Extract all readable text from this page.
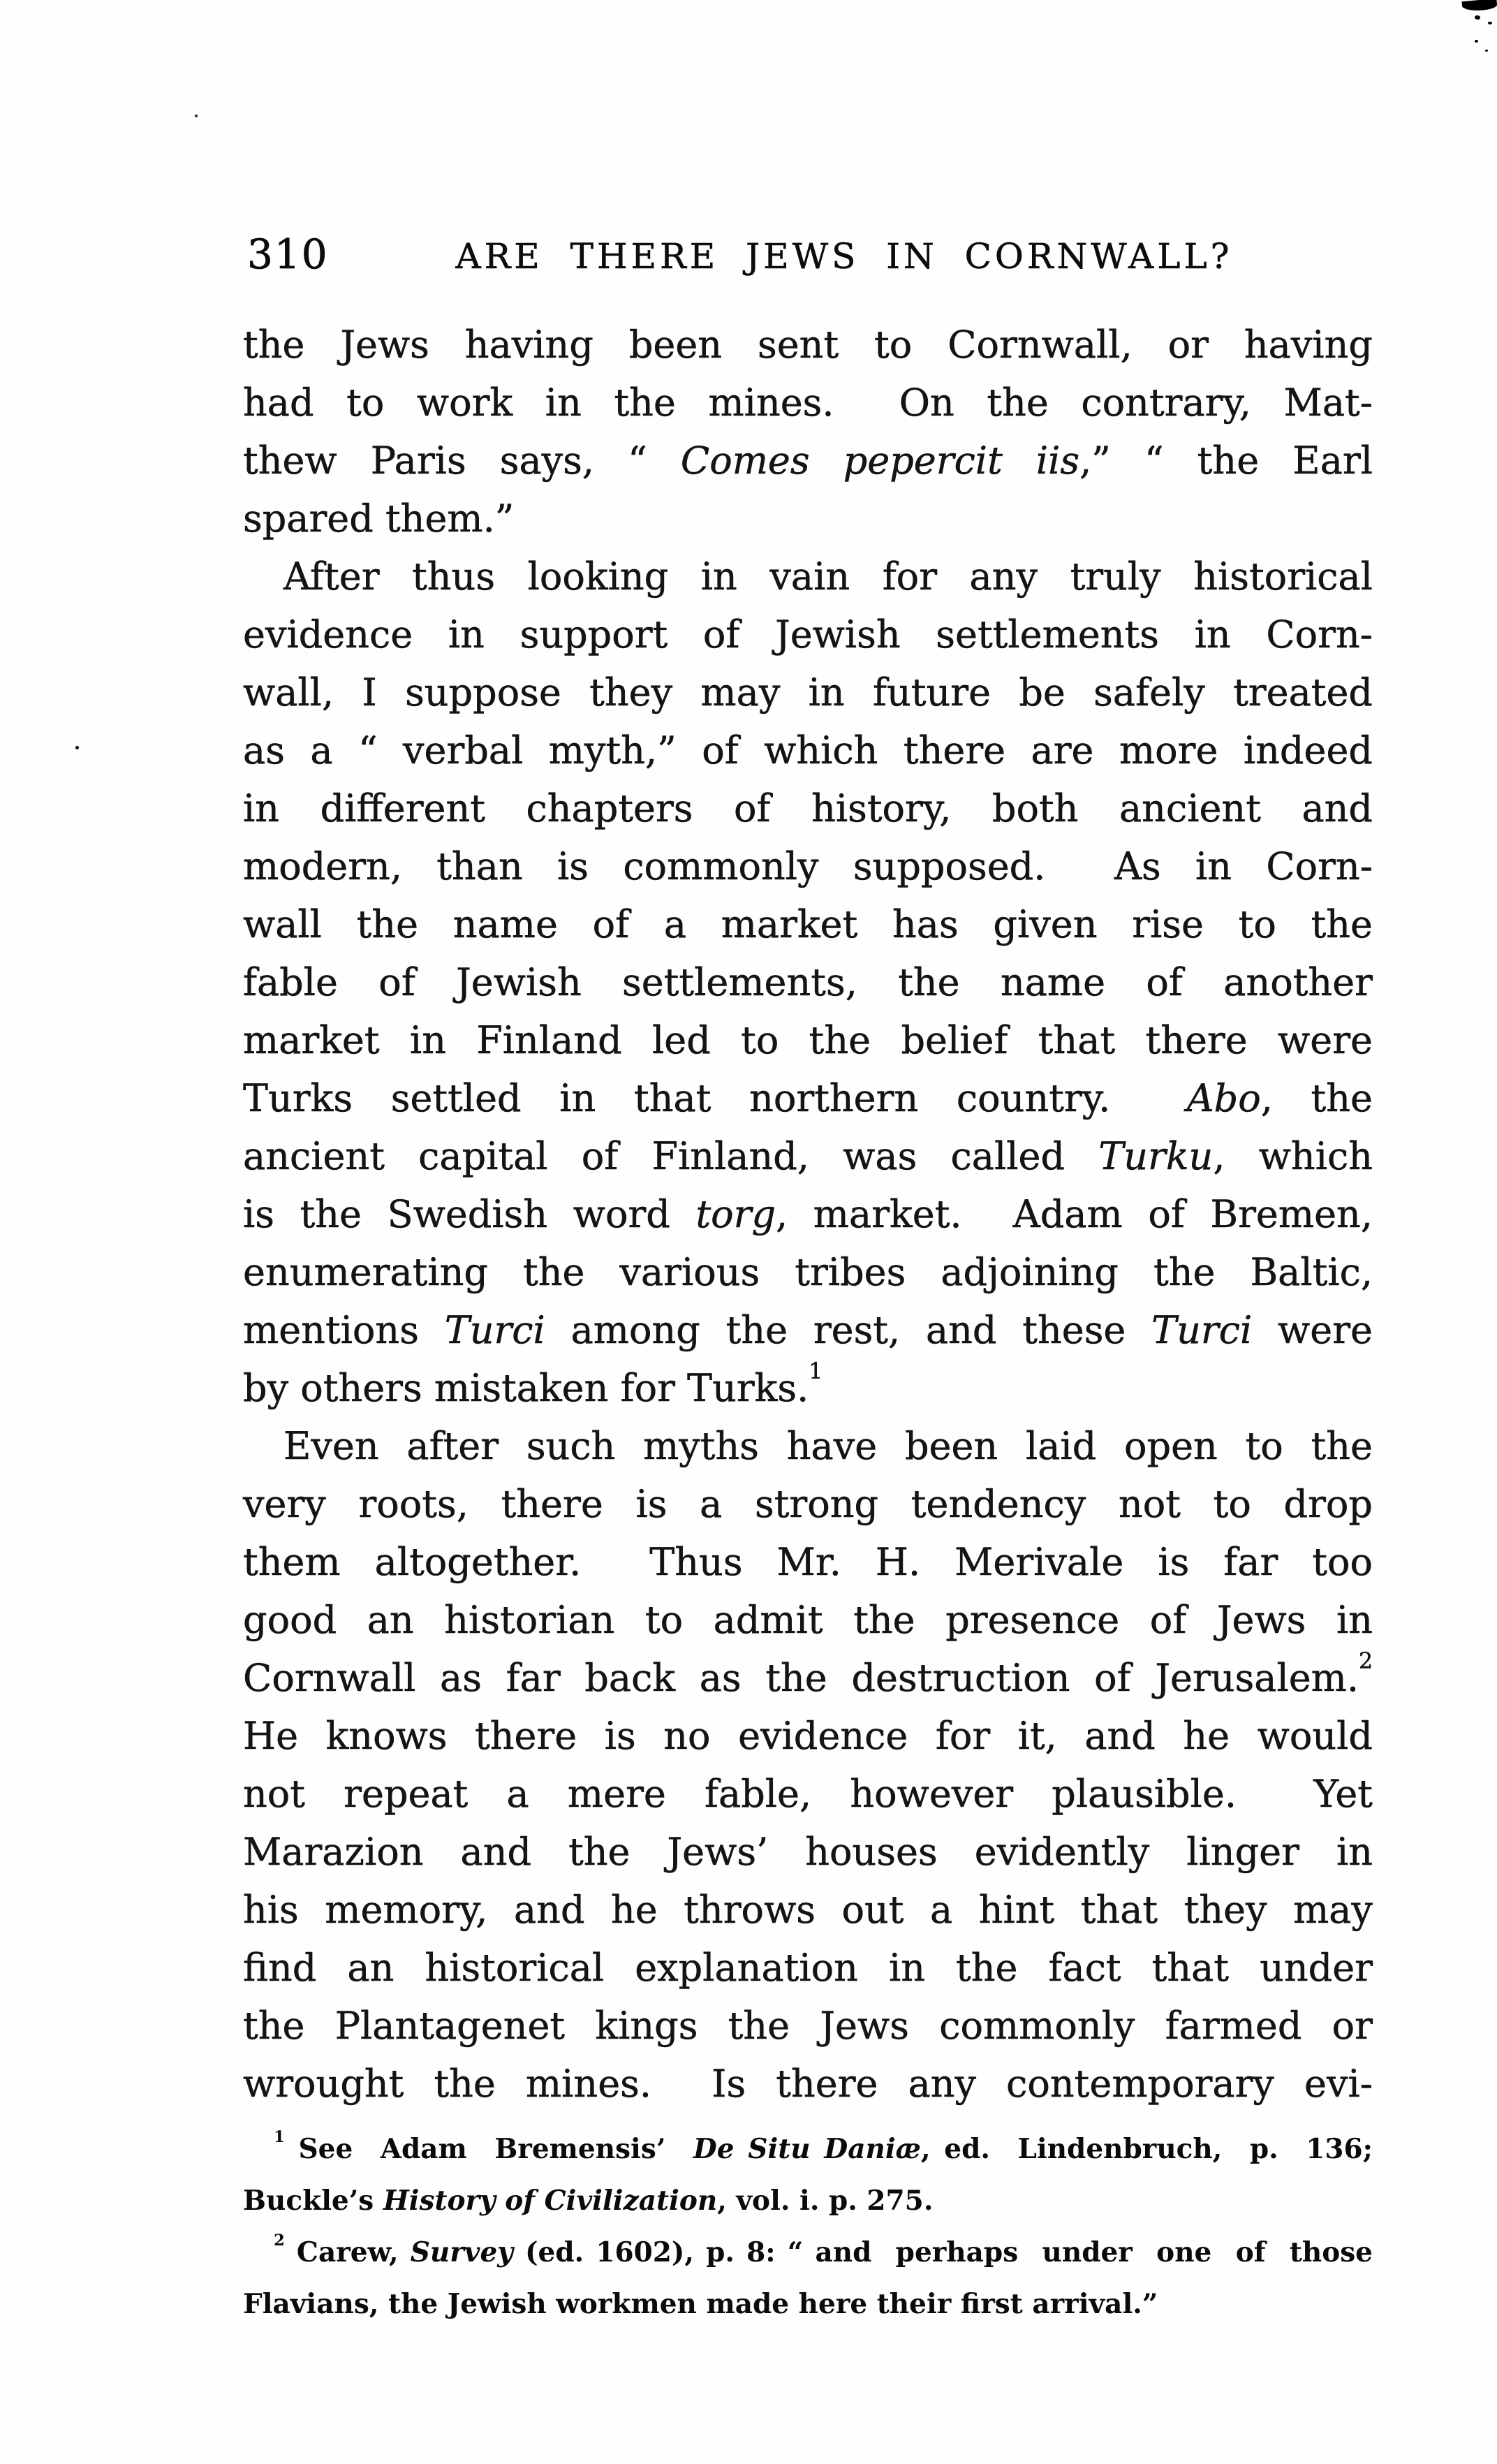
310	ARE THERE JEWS IN CORNWALL?
the Jews having been sent to Cornwall, or having
had to work in the mines.  On the contrary, Mat-
thew Paris says, “ Comes pepercit iis,” “ the Earl
spared them.”
After thus looking in vain for any truly historical
evidence in support of Jewish settlements in Corn-
wall, I suppose they may in future be safely treated
as a “ verbal myth,” of which there are more indeed
in different chapters of history, both ancient and
modern, than is commonly supposed.  As in Corn-
wall the name of a market has given rise to the
fable of Jewish settlements, the name of another
market in Finland led to the belief that there were
Turks settled in that northern country.  Abo, the
ancient capital of Finland, was called Turku, which
is the Swedish word torg, market.  Adam of Bremen,
enumerating the various tribes adjoining the Baltic,
mentions Turci among the rest, and these Turci were
by others mistaken for Turks.$^1$
Even after such myths have been laid open to the
very roots, there is a strong tendency not to drop
them altogether.  Thus Mr. H. Merivale is far too
good an historian to admit the presence of Jews in
Cornwall as far back as the destruction of Jerusalem.$^2$
He knows there is no evidence for it, and he would
not repeat a mere fable, however plausible.  Yet
Marazion and the Jews’ houses evidently linger in
his memory, and he throws out a hint that they may
find an historical explanation in the fact that under
the Plantagenet kings the Jews commonly farmed or
wrought the mines.  Is there any contemporary evi-
$^1$ See  Adam  Bremensis’  De Situ Daniæ, ed.  Lindenbruch,  p.  136;
Buckle’s History of Civilization, vol. i. p. 275.
$^2$ Carew, Survey (ed. 1602), p. 8: “ and  perhaps  under  one  of  those
Flavians, the Jewish workmen made here their first arrival.”
